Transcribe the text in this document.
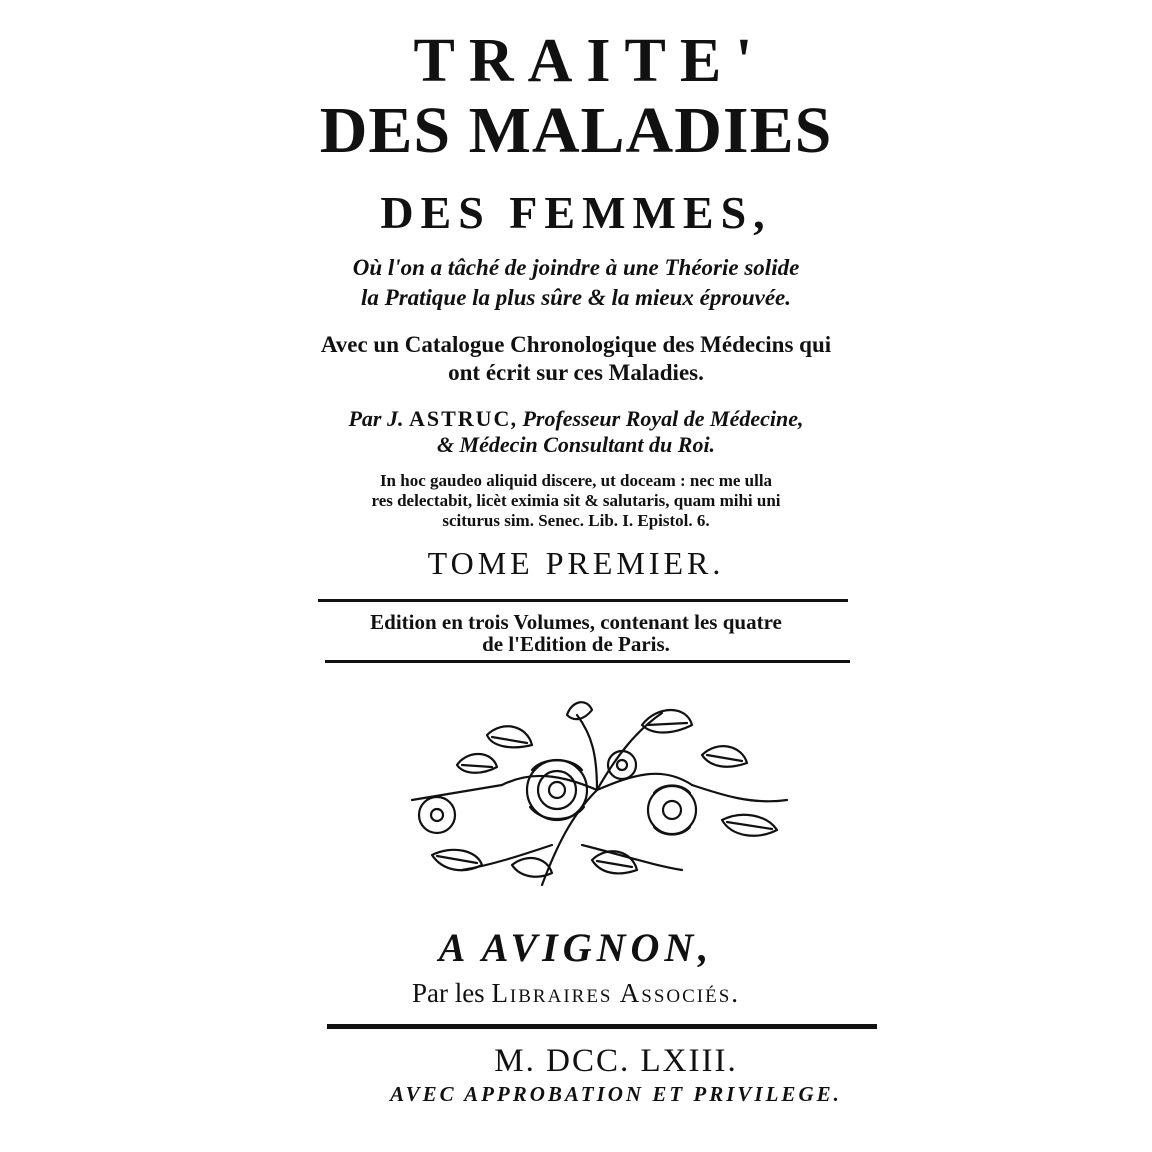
TRAITE'
DES MALADIES
DES FEMMES,
Où l'on a tâché de joindre à une Théorie solide
la Pratique la plus sûre & la mieux éprouvée.
Avec un Catalogue Chronologique des Médecins qui
ont écrit sur ces Maladies.
Par J. ASTRUC, Professeur Royal de Médecine,
& Médecin Consultant du Roi.
In hoc gaudeo aliquid discere, ut doceam : nec me ulla
res delectabit, licèt eximia sit & salutaris, quam mihi uni
sciturus sim. Senec. Lib. I. Epistol. 6.
TOME PREMIER.
Edition en trois Volumes, contenant les quatre
de l'Edition de Paris.
A AVIGNON,
Par les Libraires Associés.
M. DCC. LXIII.
AVEC APPROBATION ET PRIVILEGE.
